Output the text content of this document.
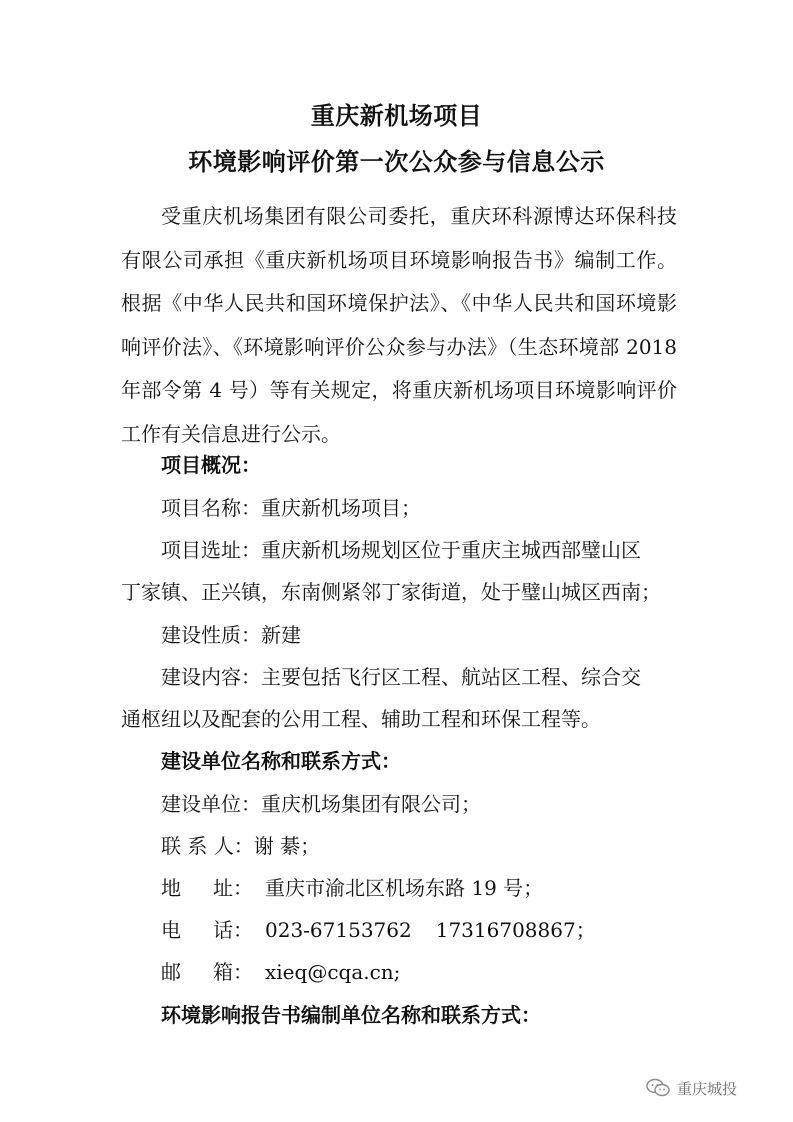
重庆新机场项目
环境影响评价第一次公众参与信息公示

受重庆机场集团有限公司委托，重庆环科源博达环保科技有限公司承担《重庆新机场项目环境影响报告书》编制工作。根据《中华人民共和国环境保护法》、《中华人民共和国环境影响评价法》、《环境影响评价公众参与办法》（生态环境部 2018 年部令第 4 号）等有关规定，将重庆新机场项目环境影响评价工作有关信息进行公示。

项目概况：
项目名称：重庆新机场项目；
项目选址：重庆新机场规划区位于重庆主城西部璧山区
丁家镇、正兴镇，东南侧紧邻丁家街道，处于璧山城区西南；
建设性质：新建
建设内容：主要包括飞行区工程、航站区工程、综合交
通枢纽以及配套的公用工程、辅助工程和环保工程等。
建设单位名称和联系方式：
建设单位：重庆机场集团有限公司；
联 系 人：谢 綦；
地 址： 重庆市渝北区机场东路 19 号；
电 话： 023-67153762 17316708867；
邮 箱： xieq@cqa.cn;
环境影响报告书编制单位名称和联系方式：
重庆城投
